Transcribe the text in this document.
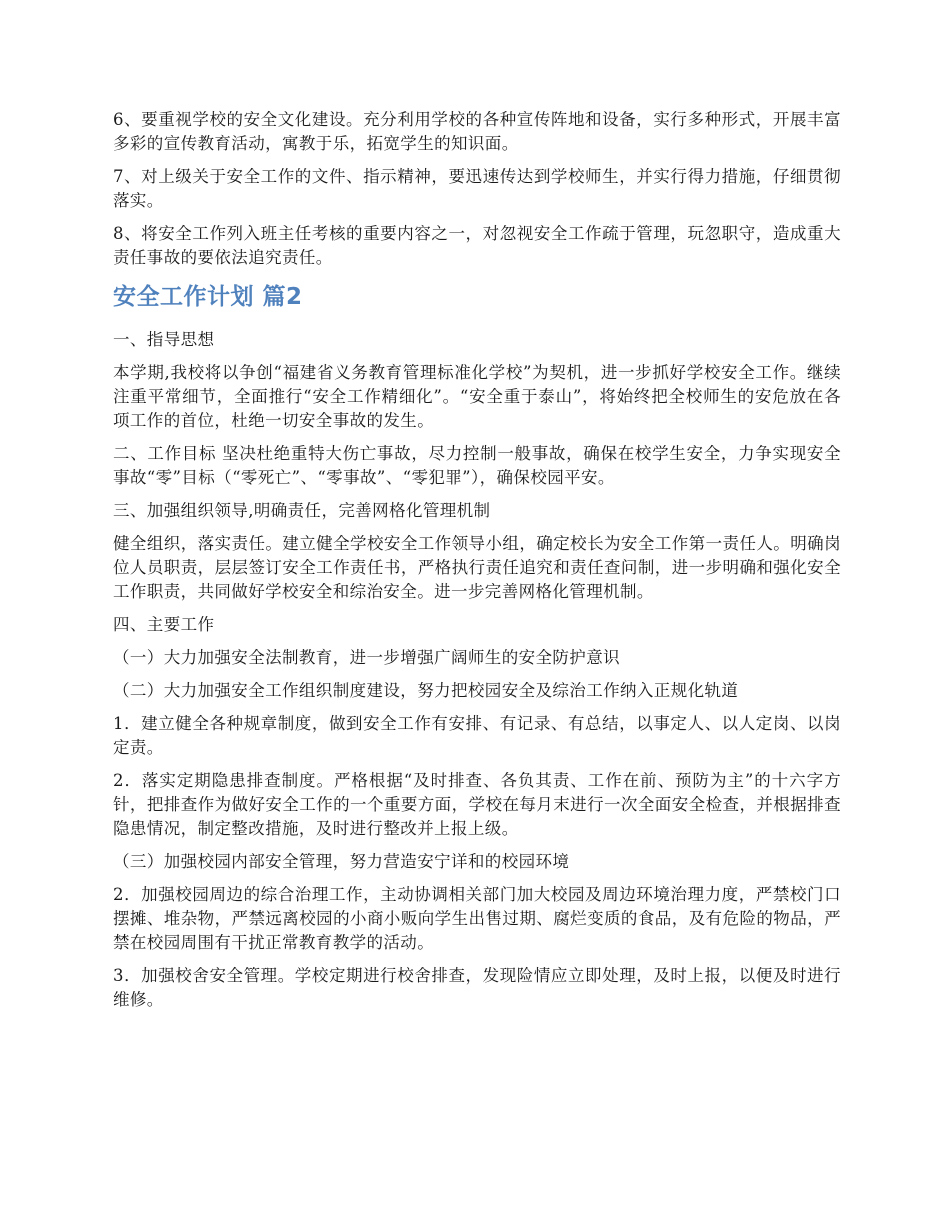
6、要重视学校的安全文化建设。充分利用学校的各种宣传阵地和设备，实行多种形式，开展丰富多彩的宣传教育活动，寓教于乐，拓宽学生的知识面。

7、对上级关于安全工作的文件、指示精神，要迅速传达到学校师生，并实行得力措施，仔细贯彻落实。

8、将安全工作列入班主任考核的重要内容之一，对忽视安全工作疏于管理，玩忽职守，造成重大责任事故的要依法追究责任。

安全工作计划 篇2

一、指导思想

本学期,我校将以争创“福建省义务教育管理标准化学校”为契机，进一步抓好学校安全工作。继续注重平常细节，全面推行“安全工作精细化”。“安全重于泰山”，将始终把全校师生的安危放在各项工作的首位，杜绝一切安全事故的发生。

二、工作目标 坚决杜绝重特大伤亡事故，尽力控制一般事故，确保在校学生安全，力争实现安全事故“零”目标（“零死亡”、“零事故”、“零犯罪”），确保校园平安。

三、加强组织领导,明确责任，完善网格化管理机制

健全组织，落实责任。建立健全学校安全工作领导小组，确定校长为安全工作第一责任人。明确岗位人员职责，层层签订安全工作责任书，严格执行责任追究和责任查问制，进一步明确和强化安全工作职责，共同做好学校安全和综治安全。进一步完善网格化管理机制。

四、主要工作

（一）大力加强安全法制教育，进一步增强广阔师生的安全防护意识

（二）大力加强安全工作组织制度建设，努力把校园安全及综治工作纳入正规化轨道

1．建立健全各种规章制度，做到安全工作有安排、有记录、有总结，以事定人、以人定岗、以岗定责。

2．落实定期隐患排查制度。严格根据“及时排查、各负其责、工作在前、预防为主”的十六字方针，把排查作为做好安全工作的一个重要方面，学校在每月末进行一次全面安全检查，并根据排查隐患情况，制定整改措施，及时进行整改并上报上级。

（三）加强校园内部安全管理，努力营造安宁详和的校园环境

2．加强校园周边的综合治理工作，主动协调相关部门加大校园及周边环境治理力度，严禁校门口摆摊、堆杂物，严禁远离校园的小商小贩向学生出售过期、腐烂变质的食品，及有危险的物品，严禁在校园周围有干扰正常教育教学的活动。

3．加强校舍安全管理。学校定期进行校舍排查，发现险情应立即处理，及时上报，以便及时进行维修。
